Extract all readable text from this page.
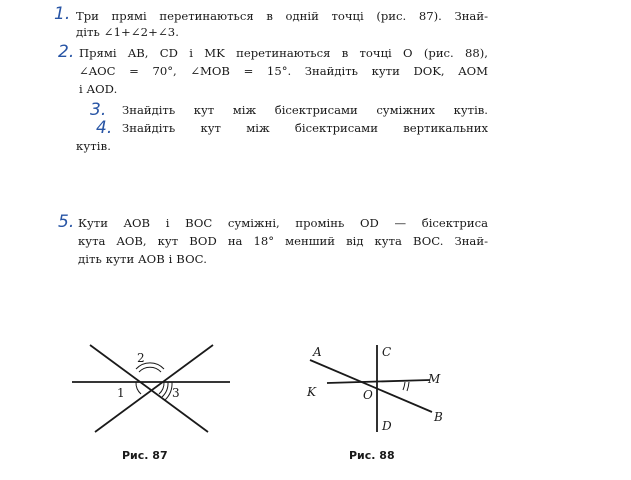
1. Три прямі перетинаються в одній точці (рис. 87). Знай-
діть ∠1+∠2+∠3.
2. Прямі AB, CD і MK перетинаються в точці O (рис. 88),
∠AOC = 70°, ∠MOB = 15°. Знайдіть кути DOK, AOM
і AOD.
3. Знайдіть кут між бісектрисами суміжних кутів.
4. Знайдіть кут між бісектрисами вертикальних
кутів.
5. Кути AOB і BOC суміжні, промінь OD — бісектриса
кута AOB, кут BOD на 18° менший від кута BOC. Знай-
діть кути AOB і BOC.
2
1	3
A	C
M
K	O
B
D
Рис. 87	Рис. 88
